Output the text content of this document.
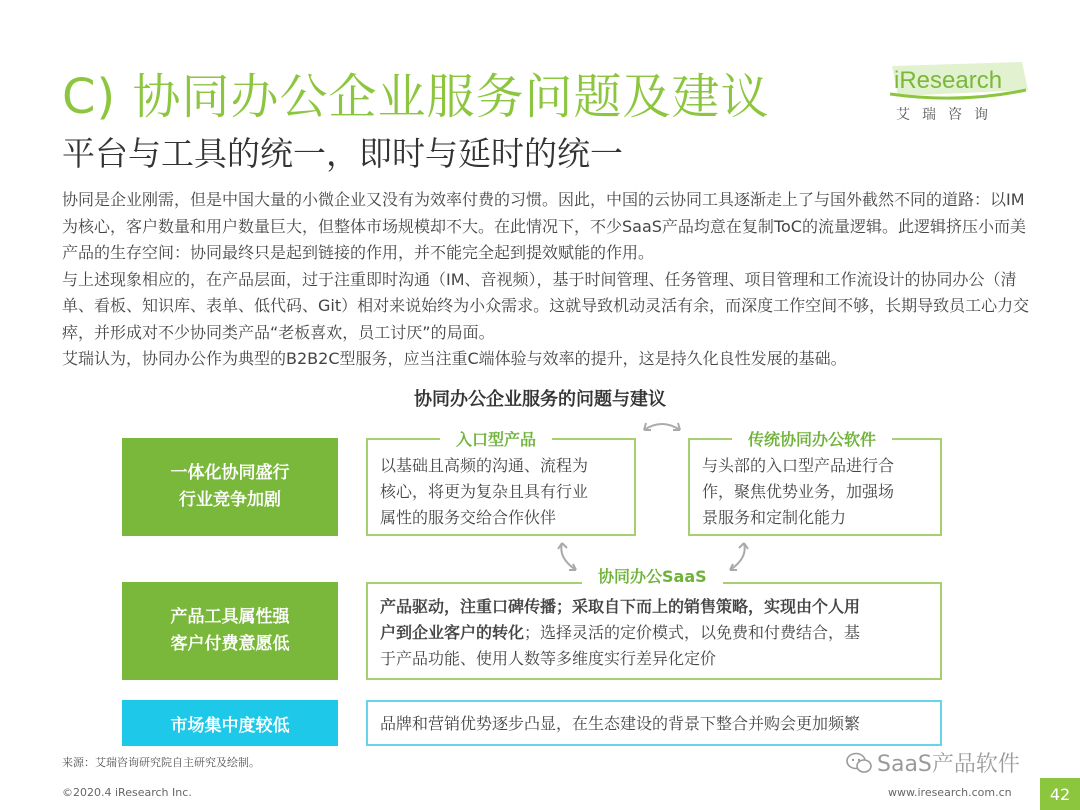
C) 协同办公企业服务问题及建议
平台与工具的统一，即时与延时的统一
iResearch
艾瑞咨询

协同是企业刚需，但是中国大量的小微企业又没有为效率付费的习惯。因此，中国的云协同工具逐渐走上了与国外截然不同的道路：以IM为核心，客户数量和用户数量巨大，但整体市场规模却不大。在此情况下，不少SaaS产品均意在复制ToC的流量逻辑。此逻辑挤压小而美产品的生存空间：协同最终只是起到链接的作用，并不能完全起到提效赋能的作用。

与上述现象相应的，在产品层面，过于注重即时沟通（IM、音视频），基于时间管理、任务管理、项目管理和工作流设计的协同办公（清单、看板、知识库、表单、低代码、Git）相对来说始终为小众需求。这就导致机动灵活有余，而深度工作空间不够，长期导致员工心力交瘁，并形成对不少协同类产品“老板喜欢，员工讨厌”的局面。

艾瑞认为，协同办公作为典型的B2B2C型服务，应当注重C端体验与效率的提升，这是持久化良性发展的基础。

协同办公企业服务的问题与建议
一体化协同盛行
行业竞争加剧
产品工具属性强
客户付费意愿低
市场集中度较低
入口型产品
以基础且高频的沟通、流程为
核心，将更为复杂且具有行业
属性的服务交给合作伙伴
传统协同办公软件
与头部的入口型产品进行合
作，聚焦优势业务，加强场
景服务和定制化能力
产品驱动，注重口碑传播；采取自下而上的销售策略，实现由个人用
户到企业客户的转化；选择灵活的定价模式，以免费和付费结合，基
于产品功能、使用人数等多维度实行差异化定价
协同办公SaaS
品牌和营销优势逐步凸显，在生态建设的背景下整合并购会更加频繁
来源：艾瑞咨询研究院自主研究及绘制。
©2020.4 iResearch Inc.	www.iresearch.com.cn	42
SaaS产品软件
